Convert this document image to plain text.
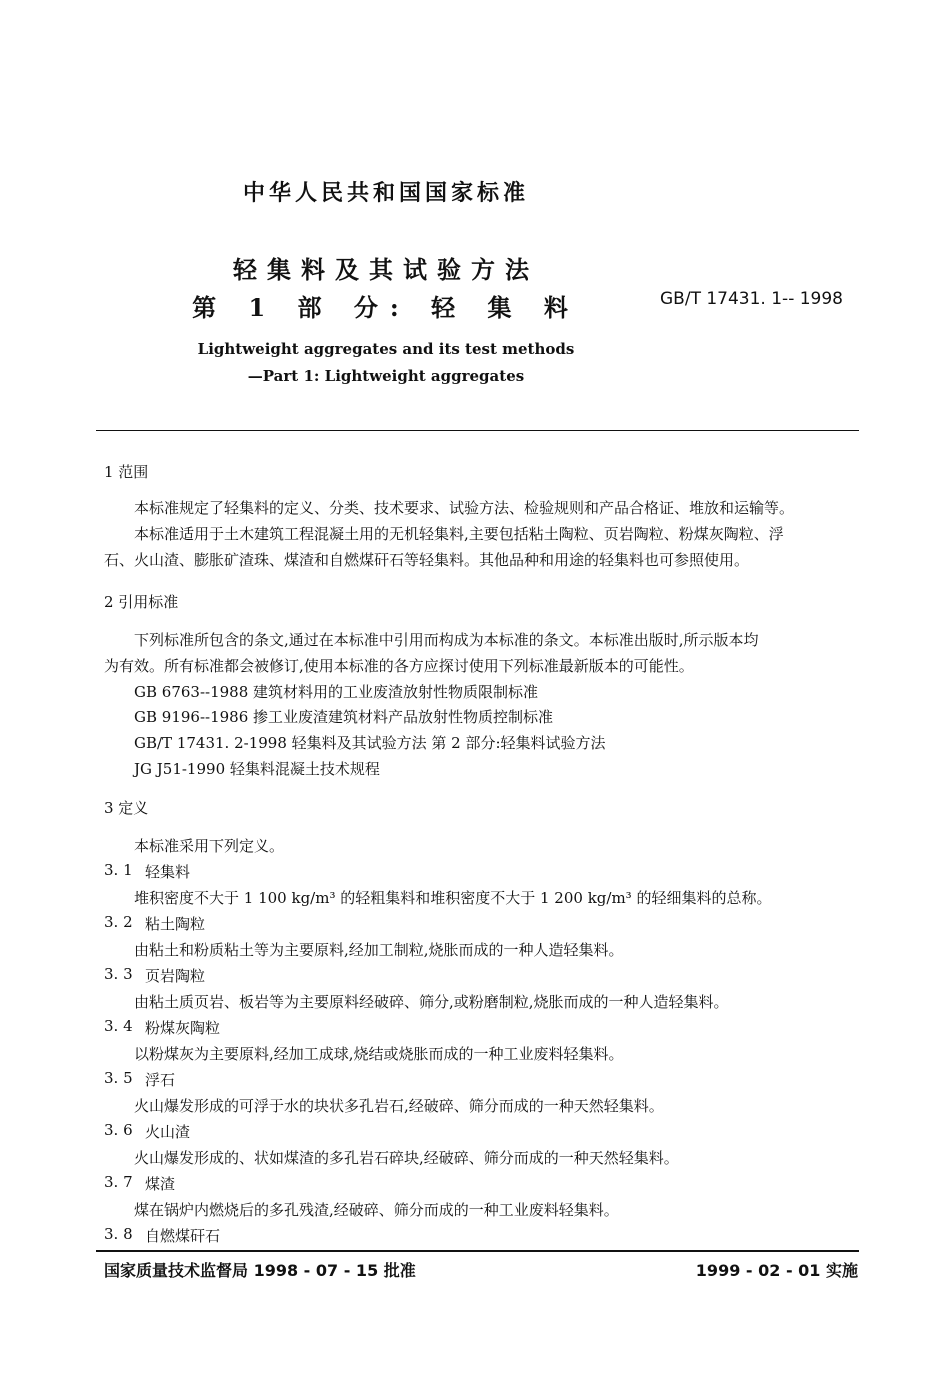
中华人民共和国国家标准
轻集料及其试验方法
第 1 部 分: 轻 集 料	GB/T 17431. 1-- 1998
Lightweight aggregates and its test methods
—Part 1: Lightweight aggregates
1 范围
本标准规定了轻集料的定义、分类、技术要求、试验方法、检验规则和产品合格证、堆放和运输等。
本标准适用于土木建筑工程混凝土用的无机轻集料,主要包括粘土陶粒、页岩陶粒、粉煤灰陶粒、浮
石、火山渣、膨胀矿渣珠、煤渣和自燃煤矸石等轻集料。其他品种和用途的轻集料也可参照使用。
2 引用标准
下列标准所包含的条文,通过在本标准中引用而构成为本标准的条文。本标准出版时,所示版本均
为有效。所有标准都会被修订,使用本标准的各方应探讨使用下列标准最新版本的可能性。
GB 6763--1988 建筑材料用的工业废渣放射性物质限制标准
GB 9196--1986 掺工业废渣建筑材料产品放射性物质控制标准
GB/T 17431. 2-1998 轻集料及其试验方法 第 2 部分:轻集料试验方法
JG J51-1990 轻集料混凝土技术规程
3 定义
本标准采用下列定义。
3. 1 轻集料
堆积密度不大于 1 100 kg/m³ 的轻粗集料和堆积密度不大于 1 200 kg/m³ 的轻细集料的总称。
3. 2 粘土陶粒
由粘土和粉质粘土等为主要原料,经加工制粒,烧胀而成的一种人造轻集料。
3. 3 页岩陶粒
由粘土质页岩、板岩等为主要原料经破碎、筛分,或粉磨制粒,烧胀而成的一种人造轻集料。
3. 4 粉煤灰陶粒
以粉煤灰为主要原料,经加工成球,烧结或烧胀而成的一种工业废料轻集料。
3. 5 浮石
火山爆发形成的可浮于水的块状多孔岩石,经破碎、筛分而成的一种天然轻集料。
3. 6 火山渣
火山爆发形成的、状如煤渣的多孔岩石碎块,经破碎、筛分而成的一种天然轻集料。
3. 7 煤渣
煤在锅炉内燃烧后的多孔残渣,经破碎、筛分而成的一种工业废料轻集料。
3. 8 自燃煤矸石
国家质量技术监督局 1998 - 07 - 15 批准	1999 - 02 - 01 实施
